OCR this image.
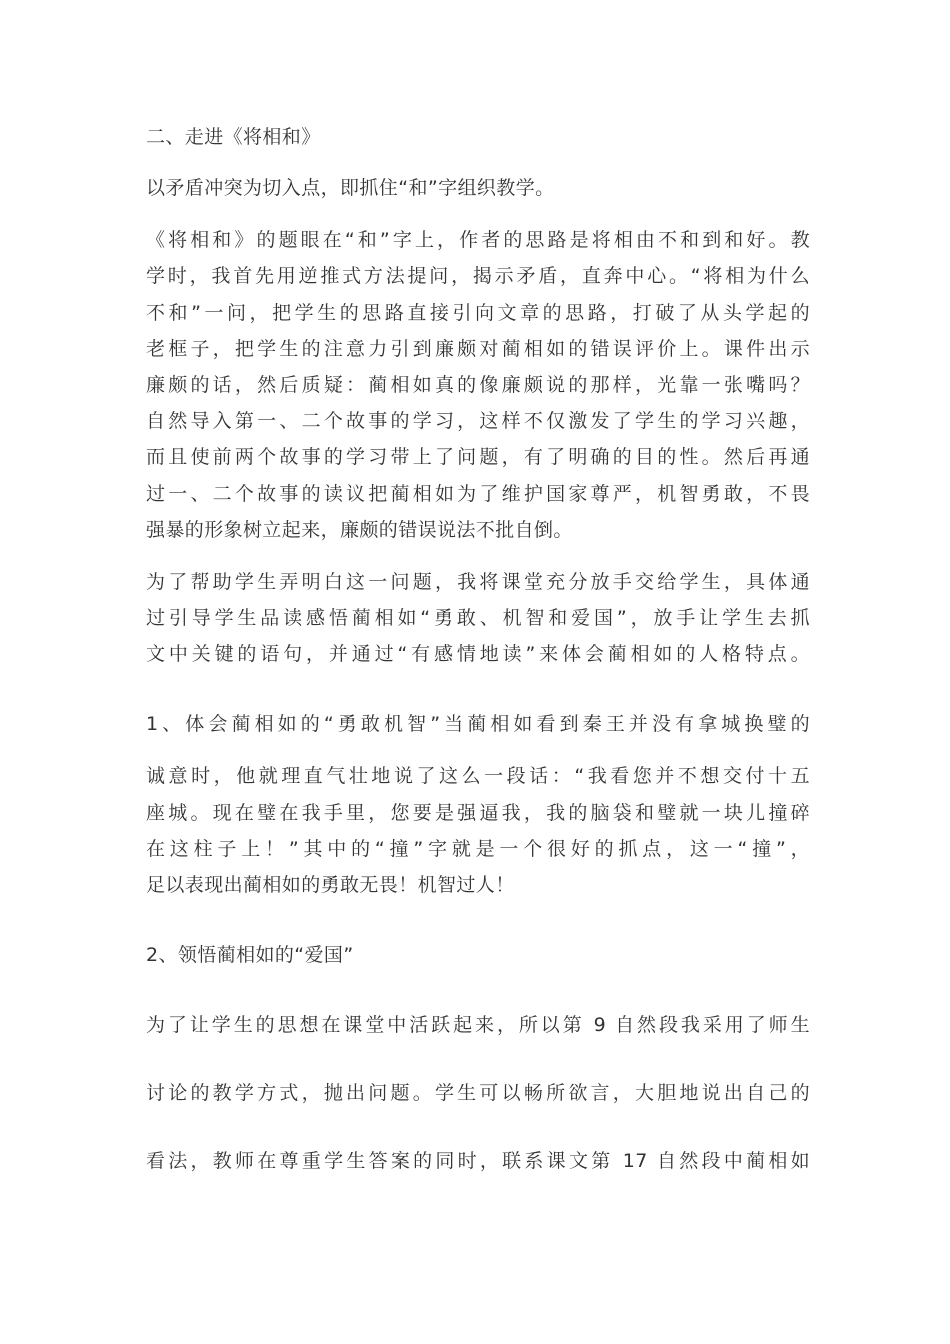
二、走进《将相和》
以矛盾冲突为切入点，即抓住“和”字组织教学。
《将相和》的题眼在“和”字上，作者的思路是将相由不和到和好。教
学时，我首先用逆推式方法提问，揭示矛盾，直奔中心。“将相为什么
不和”一问，把学生的思路直接引向文章的思路，打破了从头学起的
老框子，把学生的注意力引到廉颇对蔺相如的错误评价上。课件出示
廉颇的话，然后质疑：蔺相如真的像廉颇说的那样，光靠一张嘴吗？
自然导入第一、二个故事的学习，这样不仅激发了学生的学习兴趣，
而且使前两个故事的学习带上了问题，有了明确的目的性。然后再通
过一、二个故事的读议把蔺相如为了维护国家尊严，机智勇敢，不畏
强暴的形象树立起来，廉颇的错误说法不批自倒。
为了帮助学生弄明白这一问题，我将课堂充分放手交给学生，具体通
过引导学生品读感悟蔺相如“勇敢、机智和爱国”，放手让学生去抓
文中关键的语句，并通过“有感情地读”来体会蔺相如的人格特点。
1、体会蔺相如的“勇敢机智”当蔺相如看到秦王并没有拿城换璧的
诚意时，他就理直气壮地说了这么一段话：“我看您并不想交付十五
座城。现在璧在我手里，您要是强逼我，我的脑袋和璧就一块儿撞碎
在这柱子上！”其中的“撞”字就是一个很好的抓点，这一“撞”，
足以表现出蔺相如的勇敢无畏！机智过人！
2、领悟蔺相如的“爱国”
为了让学生的思想在课堂中活跃起来，所以第 9 自然段我采用了师生
讨论的教学方式，抛出问题。学生可以畅所欲言，大胆地说出自己的
看法，教师在尊重学生答案的同时，联系课文第 17 自然段中蔺相如
